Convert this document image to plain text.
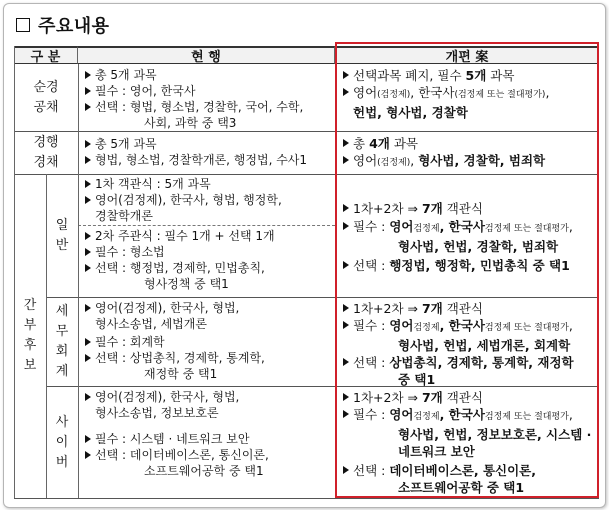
주요내용
구 분	현 행	개편 案
순경
공채
총 5개 과목
필수 : 영어, 한국사
선택 : 형법, 형소법, 경찰학, 국어, 수학,
사회, 과학 중 택3
선택과목 폐지, 필수 5개 과목
영어(검정제), 한국사(검정제 또는 절대평가),
헌법, 형사법, 경찰학
경행
경채
총 5개 과목
형법, 형소법, 경찰학개론, 행정법, 수사1
총 4개 과목
영어(검정제), 형사법, 경찰학, 범죄학
간
부
후
보
일
반
1차 객관식 : 5개 과목
영어(검정제), 한국사, 형법, 행정학,
경찰학개론
2차 주관식 : 필수 1개 + 선택 1개
필수 : 형소법
선택 : 행정법, 경제학, 민법총칙,
형사정책 중 택1
1차+2차 ⇒ 7개 객관식
필수 : 영어검정제, 한국사검정제 또는 절대평가,
형사법, 헌법, 경찰학, 범죄학
선택 : 행정법, 행정학, 민법총칙 중 택1
세
무
회
계
영어(검정제), 한국사, 형법,
형사소송법, 세법개론
필수 : 회계학
선택 : 상법총칙, 경제학, 통계학,
재정학 중 택1
1차+2차 ⇒ 7개 객관식
필수 : 영어검정제, 한국사검정제 또는 절대평가,
형사법, 헌법, 세법개론, 회계학
선택 : 상법총칙, 경제학, 통계학, 재정학
중 택1
사
이
버
영어(검정제), 한국사, 형법,
형사소송법, 정보보호론
필수 : 시스템 · 네트워크 보안
선택 : 데이터베이스론, 통신이론,
소프트웨어공학 중 택1
1차+2차 ⇒ 7개 객관식
필수 : 영어검정제, 한국사검정제 또는 절대평가,
형사법, 헌법, 정보보호론, 시스템 ·
네트워크 보안
선택 : 데이터베이스론, 통신이론,
소프트웨어공학 중 택1
